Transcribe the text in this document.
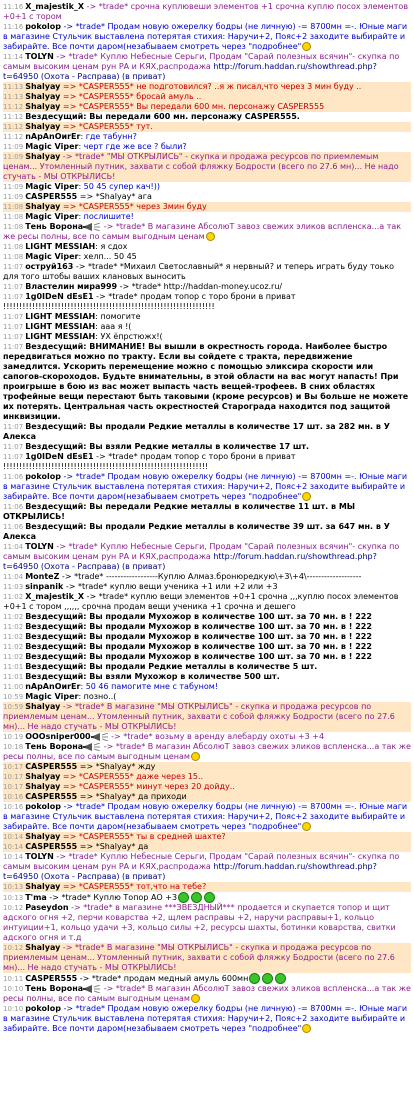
11:16 X_majestik_X -> *trade* срочна куплювеши элементов +1 срочна куплю посох элементов +0+1 с тором
11:16 pokolop -> *trade* Продам новую ожерелку бодры (не личную) -= 8700мн =-. Юные маги в магазине Стульчик выставлена потерятая стихия: Наручи+2, Пояс+2 заходите выбирайте и забирайте. Все почти даром(незабываем смотреть через "подробнее"
11:14 TOLYN -> *trade* Куплю Небесные Серьги, Продам "Сарай полезных всячин"- скупка по самым высоким ценам рун РА и КЯХ,распродажа http://forum.haddan.ru/showthread.php?t=64950 (Охота - Расправа) (в приват)
11:13 Shalyay => *CASPER555* не подготовился? ..я ж писал,что через 3 мин буду ..
11:13 Shalyay => *CASPER555* бросай амуль ..
11:12 Shalyay => *CASPER555* Вы передали 600 мн. персонажу CASPER555
11:12 Вездесущий: Вы передали 600 мн. персонажу CASPER555.
11:12 Shalyay => *CASPER555* тут.
11:12 nApAnOиrEr: где табунн?
11:09 Magic Viper: черт где же все ? были?
11:09 Shalyay -> *trade* "МЫ ОТКРЫЛИСЬ" - скупка и продажа ресурсов по приемлемым ценам... Утомленный путник, захвати с собой фляжку Бодрости (всего по 27.6 мн)... Не надо стучать - МЫ ОТКРЫЛИСЬ!
11:09 Magic Viper: 50 45 супер кач!))
11:09 CASPER555 => *Shalyay* ага
11:08 Shalyay => *CASPER555* через 3мин буду
11:08 Magic Viper: послишите!
11:08 Тень Ворона -> *trade* В магазине АбсолюТ завоз свежих эликов вспленска...а так же ресы полны, все по самым выгодным ценам
11:08 LIGHT MESSIAH: я сдох
11:08 Magic Viper: хелп... 50 45
11:07 оструй163 -> *trade* *Михаил Светославный* я нервный? и теперь играть буду тоько для того штобы ваших клановых выносить
11:07 Властелин мира999 -> *trade* http://haddan-money.ucoz.ru/
11:07 1g0IDeN dEsE1 -> *trade* продам топор с торо брони в приват !!!!!!!!!!!!!!!!!!!!!!!!!!!!!!!!!!!!!!!!!!!!!!!!!!!!!!!!!!!!!!!!!!
11:07 LIGHT MESSIAH: помогите
11:07 LIGHT MESSIAH: ааа я !(
11:07 LIGHT MESSIAH: УХ ёпрстюжх!(
11:07 Вездесущий: ВНИМАНИЕ! Вы вышли в окрестность города. Наиболее быстро передвигаться можно по тракту. Если вы сойдете с тракта, передвижение замедлится. Ускорить перемещение можно с помощью эликсира скорости или сапогов-скороходов. Будьте внимательны, в этой области на вас могут напасть! При проигрыше в бою из вас может выпасть часть вещей-трофеев. В сних областях трофейные вещи перестают быть таковыми (кроме ресурсов) и Вы больше не можете их потерять. Центральная часть окрестностей Старограда находится под защитой инквизиции.
11:07 Вездесущий: Вы продали Редкие металлы в количестве 17 шт. за 282 мн. в У Алекса
11:07 Вездесущий: Вы взяли Редкие металлы в количестве 17 шт.
11:07 1g0IDeN dEsE1 -> *trade* продам топор с торо брони в приват !!!!!!!!!!!!!!!!!!!!!!!!!!!!!!!!!!!!!!!!!!!!!!!!!!!!!!!!!!!!!!!!
11:06 pokolop -> *trade* Продам новую ожерелку бодры (не личную) -= 8700мн =-. Юные маги в магазине Стульчик выставлена потерятая стихия: Наручи+2, Пояс+2 заходите выбирайте и забирайте. Все почти даром(незабываем смотреть через "подробнее"
11:06 Вездесущий: Вы передали Редкие металлы в количестве 11 шт. в МЫ ОТКРЫЛИСЬ!
11:06 Вездесущий: Вы продали Редкие металлы в количестве 39 шт. за 647 мн. в У Алекса
11:04 TOLYN -> *trade* Куплю Небесные Серьги, Продам "Сарай полезных всячин"- скупка по самым высоким ценам рун РА и КЯХ,распродажа http://forum.haddan.ru/showthread.php?t=64950 (Охота - Расправа) (в приват)
11:04 MonteZ -> *trade* ------------------Куплю Алмаз.бронюредкую\+3\+4\-------------------
11:03 sinpanik -> *trade* куплю вещи ученика +1 или +2 или +3
11:02 X_majestik_X -> *trade* куплю вещи элементов +0+1 срочна ,,,куплю посох элементов +0+1 с тором ,,,,,, срочна продам вещи ученика +1 срочна и дешего
11:02 Вездесущий: Вы продали Мухожор в количестве 100 шт. за 70 мн. в ! 222
11:02 Вездесущий: Вы продали Мухожор в количестве 100 шт. за 70 мн. в ! 222
11:02 Вездесущий: Вы продали Мухожор в количестве 100 шт. за 70 мн. в ! 222
11:02 Вездесущий: Вы продали Мухожор в количестве 100 шт. за 70 мн. в ! 222
11:02 Вездесущий: Вы продали Мухожор в количестве 100 шт. за 70 мн. в ! 222
11:01 Вездесущий: Вы продали Редкие металлы в количестве 5 шт.
11:01 Вездесущий: Вы взяли Мухожор в количестве 500 шт.
11:00 nApAnOиrEr: 50 46 памогите мне с табуном!
10:59 Magic Viper: позно..(
10:59 Shalyay -> *trade* В магазине "МЫ ОТКРЫЛИСЬ" - скупка и продажа ресурсов по приемлемым ценам... Утомленный путник, захвати с собой фляжку Бодрости (всего по 27.6 мн)... Не надо стучать - МЫ ОТКРЫЛИСЬ!
10:19 OOOsniper000 -> *trade* возьму в аренду алебарду охоты +3 +4
10:18 Тень Ворона -> *trade* В магазин АбсолюТ завоз свежих эликов вспленска...а так же ресы полны, все по самым выгодным ценам
10:17 CASPER555 => *Shalyay* жду
10:17 Shalyay => *CASPER555* даже через 15..
10:17 Shalyay => *CASPER555* минут через 20 дойду..
10:16 CASPER555 => *Shalyay* да приходи
10:16 pokolop -> *trade* Продам новую ожерелку бодры (не личную) -= 8700мн =-. Юные маги в магазине Стульчик выставлена потерятая стихия: Наручи+2, Пояс+2 заходите выбирайте и забирайте. Все почти даром(незабываем смотреть через "подробнее"
10:14 Shalyay => *CASPER555* ты в средней шахте?
10:14 CASPER555 => *Shalyay* да
10:14 TOLYN -> *trade* Куплю Небесные Серьги, Продам "Сарай полезных всячин"- скупка по самым высоким ценам рун РА и КЯХ,распродажа http://forum.haddan.ru/showthread.php?t=64950 (Охота - Расправа) (в приват)
10:13 Shalyay => *CASPER555* тот,что на тебе?
10:13 T'ma -> *trade* Куплю Топор АО +3
10:12 Paseydon -> *trade* в магазине ***ЗВЕЗДНЫЙ*** продается и скупается топор и щит адского огня +2, перчи коварства +2, щлем расправы +2, наручи расправы+1, кольцо интуиции+1, кольцо удачи +3, кольцо силы +2, ресурсы шахты, ботинки коварства, свитки адского огня и т.д
10:12 Shalyay -> *trade* В магазине "МЫ ОТКРЫЛИСЬ" - скупка и продажа ресурсов по приемлемым ценам... Утомленный путник, захвати с собой фляжку Бодрости (всего по 27.6 мн)... Не надо стучать - МЫ ОТКРЫЛИСЬ!
10:11 CASPER555 -> *trade* продам медный амуль 600мн
10:10 Тень Ворона -> *trade* В магазин АбсолюТ завоз свежих эликов вспленска...а так же ресы полны, все по самым выгодным ценам
10:10 pokolop -> *trade* Продам новую ожерелку бодры (не личную) -= 8700мн =-. Юные маги в магазине Стульчик выставлена потерятая стихия: Наручи+2, Пояс+2 заходите выбирайте и забирайте. Все почти даром(незабываем смотреть через "подробнее"
